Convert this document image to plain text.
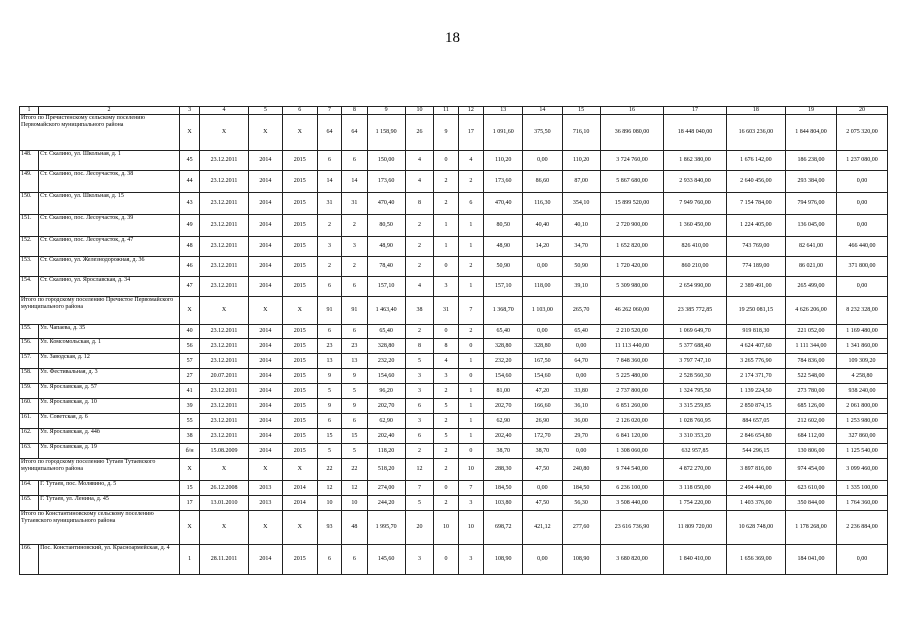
18
1	2	3	4	5	6	7	8	9	10	11	12	13	14	15	16	17	18	19	20
Итого по Пречистенскому сельскому поселению Первомайского муниципального района		X	X	X	X	64	64	1 158,90	26	9	17	1 091,60	375,50	716,10	36 896 080,00	18 448 040,00	16 603 236,00	1 844 804,00	2 075 320,00
148.	Ст. Скалино, ул. Школьная, д. 1	45	23.12.2011	2014	2015	6	6	150,00	4	0	4	110,20	0,00	110,20	3 724 760,00	1 862 380,00	1 676 142,00	186 238,00	1 237 080,00
149.	Ст. Скалино, пос. Лесоучасток, д. 38	44	23.12.2011	2014	2015	14	14	173,60	4	2	2	173,60	86,60	87,00	5 867 680,00	2 933 840,00	2 640 456,00	293 384,00	0,00
150.	Ст. Скалино, ул. Школьная, д. 15	43	23.12.2011	2014	2015	31	31	470,40	8	2	6	470,40	116,30	354,10	15 899 520,00	7 949 760,00	7 154 784,00	794 976,00	0,00
151.	Ст. Скалино, пос. Лесоучасток, д. 39	49	23.12.2011	2014	2015	2	2	80,50	2	1	1	80,50	40,40	40,10	2 720 900,00	1 360 450,00	1 224 405,00	136 045,00	0,00
152.	Ст. Скалино, пос. Лесоучасток, д. 47	48	23.12.2011	2014	2015	3	3	48,90	2	1	1	48,90	14,20	34,70	1 652 820,00	826 410,00	743 769,00	82 641,00	466 440,00
153.	Ст. Скалино, ул. Железнодорожная, д. 36	46	23.12.2011	2014	2015	2	2	78,40	2	0	2	50,90	0,00	50,90	1 720 420,00	860 210,00	774 189,00	86 021,00	371 800,00
154.	Ст. Скалино, ул. Ярославская, д. 34	47	23.12.2011	2014	2015	6	6	157,10	4	3	1	157,10	118,00	39,10	5 309 980,00	2 654 990,00	2 389 491,00	265 499,00	0,00
Итого по городскому поселению Пречистое Первомайского муниципального района		X	X	X	X	91	91	1 463,40	38	31	7	1 368,70	1 103,00	265,70	46 262 060,00	23 385 772,85	19 250 081,15	4 626 206,00	8 232 328,00
155.	Ул. Чапаева, д. 35	40	23.12.2011	2014	2015	6	6	65,40	2	0	2	65,40	0,00	65,40	2 210 520,00	1 069 649,70	919 818,30	221 052,00	1 169 480,00
156.	Ул. Комсомольская, д. 1	56	23.12.2011	2014	2015	23	23	328,80	8	8	0	328,80	328,80	0,00	11 113 440,00	5 377 688,40	4 624 407,60	1 111 344,00	1 341 860,00
157.	Ул. Заводская, д. 12	57	23.12.2011	2014	2015	13	13	232,20	5	4	1	232,20	167,50	64,70	7 848 360,00	3 797 747,10	3 265 776,90	784 836,00	109 309,20
158.	Ул. Фестивальная, д. 3	27	20.07.2011	2014	2015	9	9	154,60	3	3	0	154,60	154,60	0,00	5 225 480,00	2 528 560,30	2 174 371,70	522 548,00	4 258,80
159.	Ул. Ярославская, д. 57	41	23.12.2011	2014	2015	5	5	96,20	3	2	1	81,00	47,20	33,80	2 737 800,00	1 324 795,50	1 139 224,50	273 780,00	938 240,00
160.	Ул. Ярославская, д. 10	39	23.12.2011	2014	2015	9	9	202,70	6	5	1	202,70	166,60	36,10	6 851 260,00	3 315 259,85	2 850 874,15	685 126,00	2 061 800,00
161.	Ул. Советская, д. 6	55	23.12.2011	2014	2015	6	6	62,90	3	2	1	62,90	26,90	36,00	2 126 020,00	1 028 760,95	884 657,05	212 602,00	1 253 980,00
162.	Ул. Ярославская, д. 44б	38	23.12.2011	2014	2015	15	15	202,40	6	5	1	202,40	172,70	29,70	6 841 120,00	3 310 353,20	2 846 654,80	684 112,00	327 860,00
163.	Ул. Ярославская, д. 19	б/н	15.08.2009	2014	2015	5	5	118,20	2	2	0	38,70	38,70	0,00	1 308 060,00	632 957,85	544 296,15	130 806,00	1 125 540,00
Итого по городскому поселению Тутаев Тутаевского муниципального района		X	X	X	X	22	22	518,20	12	2	10	288,30	47,50	240,80	9 744 540,00	4 872 270,00	3 897 816,00	974 454,00	3 099 460,00
164.	Г. Тутаев, пос. Молявино, д. 5	15	26.12.2008	2013	2014	12	12	274,00	7	0	7	184,50	0,00	184,50	6 236 100,00	3 118 050,00	2 494 440,00	623 610,00	1 335 100,00
165.	Г. Тутаев, ул. Ленина, д. 45	17	13.01.2010	2013	2014	10	10	244,20	5	2	3	103,80	47,50	56,30	3 508 440,00	1 754 220,00	1 403 376,00	350 844,00	1 764 360,00
Итого по Константиновскому сельскому поселению Тутаевского муниципального района		X	X	X	X	93	48	1 995,70	20	10	10	698,72	421,12	277,60	23 616 736,90	11 809 720,00	10 628 748,00	1 178 268,00	2 236 884,00
166.	Пос. Константиновский, ул. Красноармейская, д. 4	1	28.11.2011	2014	2015	6	6	145,60	3	0	3	108,90	0,00	108,90	3 680 820,00	1 840 410,00	1 656 369,00	184 041,00	0,00
